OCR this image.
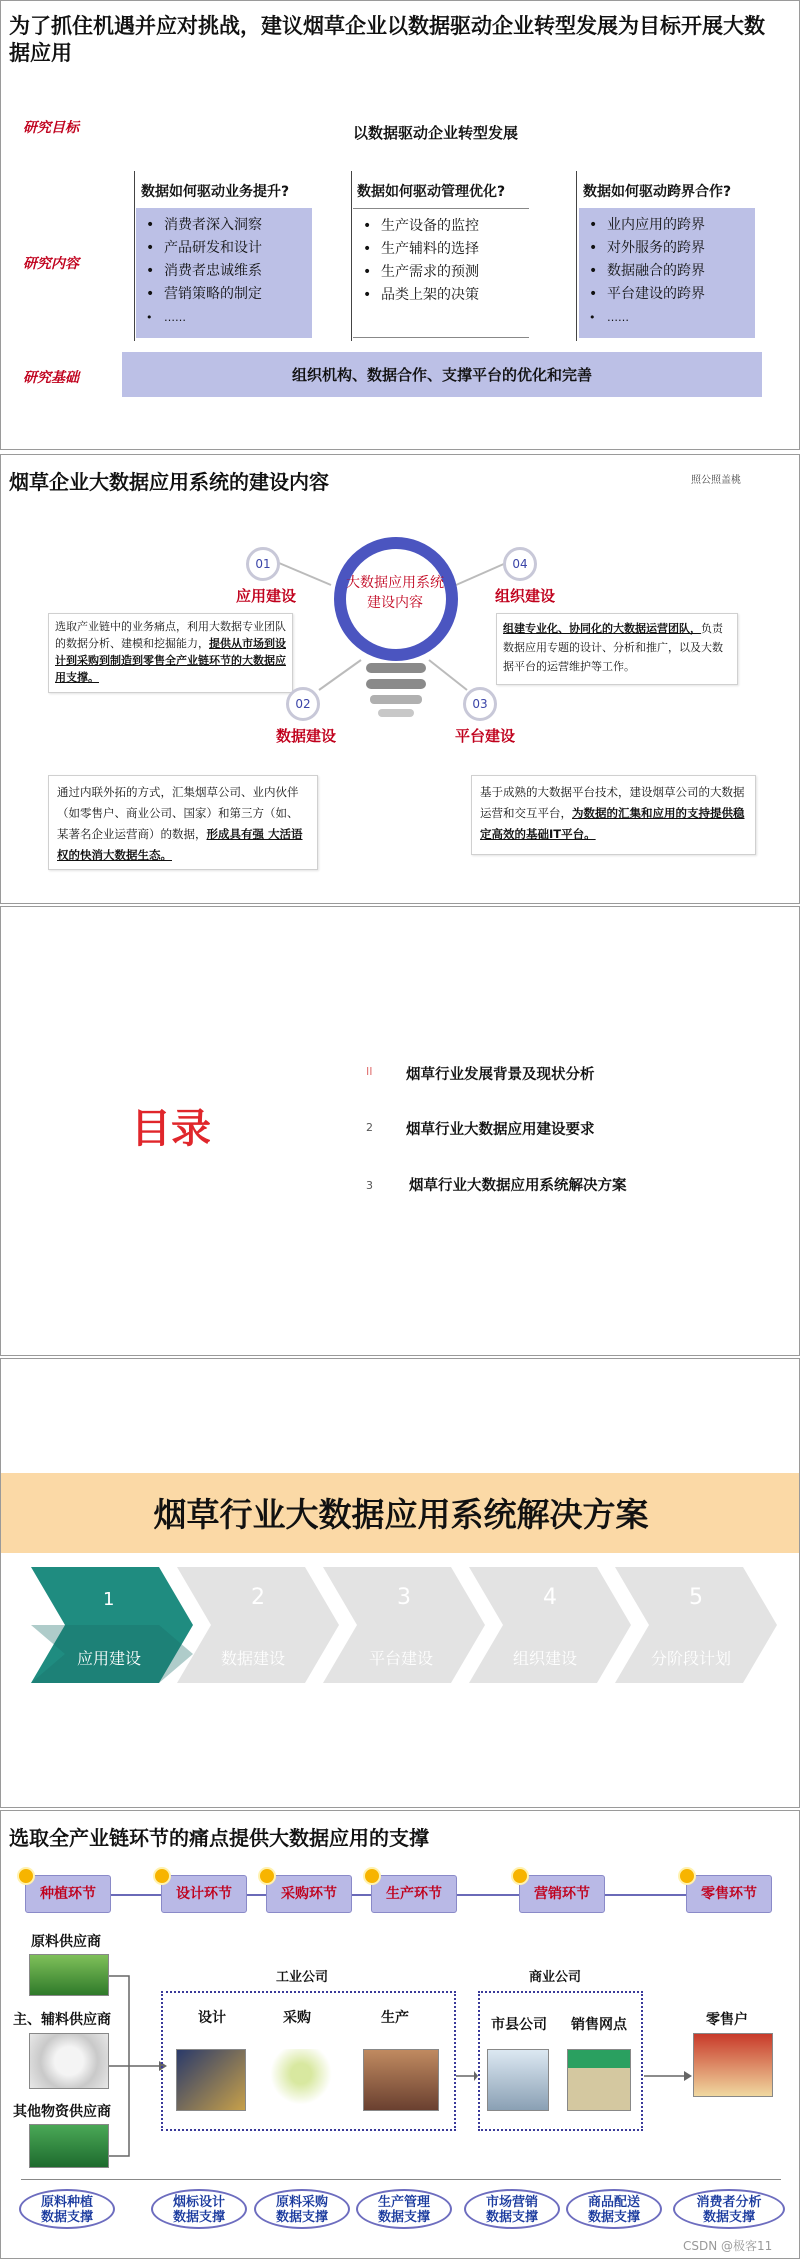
为了抓住机遇并应对挑战，建议烟草企业以数据驱动企业转型发展为目标开展大数据应用
研究目标
研究内容
研究基础
以数据驱动企业转型发展
数据如何驱动业务提升?
• 消费者深入洞察
• 产品研发和设计
• 消费者忠诚维系
• 营销策略的制定
• ……
数据如何驱动管理优化?
• 生产设备的监控
• 生产辅料的选择
• 生产需求的预测
• 品类上架的决策
数据如何驱动跨界合作?
• 业内应用的跨界
• 对外服务的跨界
• 数据融合的跨界
• 平台建设的跨界
• ……
组织机构、数据合作、支撑平台的优化和完善
烟草企业大数据应用系统的建设内容	照公照盖桃
大数据应用系统建设内容
01
应用建设
选取产业链中的业务痛点，利用大数据专业团队的数据分析、建模和挖掘能力，提供从市场到设计到采购到制造到零售全产业链环节的大数据应用支撑。
04
组织建设
组建专业化、协同化的大数据运营团队，负责数据应用专题的设计、分析和推广，以及大数据平台的运营维护等工作。
02
数据建设
通过内联外拓的方式，汇集烟草公司、业内伙伴（如零售户、商业公司、国家）和第三方（如、某著名企业运营商）的数据，形成具有强 大活语权的快消大数据生态。
03
平台建设
基于成熟的大数据平台技术，建设烟草公司的大数据运营和交互平台，为数据的汇集和应用的支持提供稳定高效的基础IT平台。
目录
II 烟草行业发展背景及现状分析
2 烟草行业大数据应用建设要求
3 烟草行业大数据应用系统解决方案
烟草行业大数据应用系统解决方案
1
应用建设
2
数据建设
3
平台建设
4
组织建设
5
分阶段计划
选取全产业链环节的痛点提供大数据应用的支撑
种植环节	设计环节	采购环节	生产环节	营销环节	零售环节
原料供应商
主、辅料供应商
其他物资供应商
工业公司
设计	采购	生产
商业公司
市县公司 销售网点	零售户
原料种植
数据支撑
烟标设计
数据支撑
原料采购
数据支撑
生产管理
数据支撑
市场营销
数据支撑
商品配送
数据支撑
消费者分析
数据支撑
CSDN @极客11
